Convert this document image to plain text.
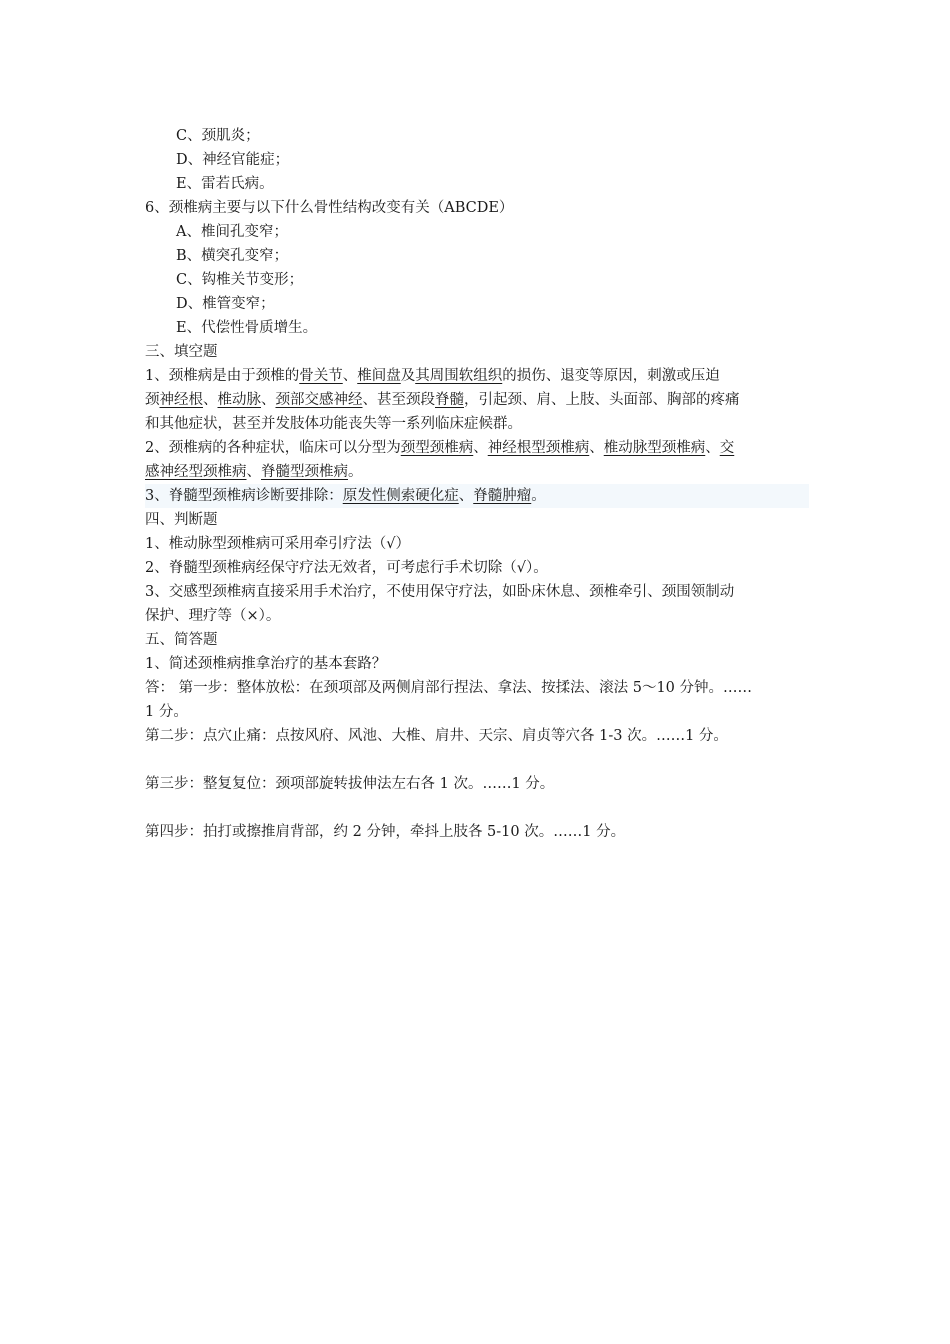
C、颈肌炎；
D、神经官能症；
E、雷若氏病。
6、颈椎病主要与以下什么骨性结构改变有关（ABCDE）
A、椎间孔变窄；
B、横突孔变窄；
C、钩椎关节变形；
D、椎管变窄；
E、代偿性骨质增生。
三、填空题
1、颈椎病是由于颈椎的骨关节、椎间盘及其周围软组织的损伤、退变等原因，刺激或压迫
颈神经根、椎动脉、颈部交感神经、甚至颈段脊髓，引起颈、肩、上肢、头面部、胸部的疼痛
和其他症状，甚至并发肢体功能丧失等一系列临床症候群。
2、颈椎病的各种症状，临床可以分型为颈型颈椎病、神经根型颈椎病、椎动脉型颈椎病、交
感神经型颈椎病、脊髓型颈椎病。
3、脊髓型颈椎病诊断要排除：原发性侧索硬化症、脊髓肿瘤。
四、判断题
1、椎动脉型颈椎病可采用牵引疗法（√）
2、脊髓型颈椎病经保守疗法无效者，可考虑行手术切除（√）。
3、交感型颈椎病直接采用手术治疗，不使用保守疗法，如卧床休息、颈椎牵引、颈围领制动
保护、理疗等（×）。
五、简答题
1、简述颈椎病推拿治疗的基本套路？
答： 第一步：整体放松：在颈项部及两侧肩部行捏法、拿法、按揉法、滚法 5～10 分钟。……
1 分。
第二步：点穴止痛：点按风府、风池、大椎、肩井、天宗、肩贞等穴各 1-3 次。……1 分。
第三步：整复复位：颈项部旋转拔伸法左右各 1 次。……1 分。
第四步：拍打或擦推肩背部，约 2 分钟，牵抖上肢各 5-10 次。……1 分。
